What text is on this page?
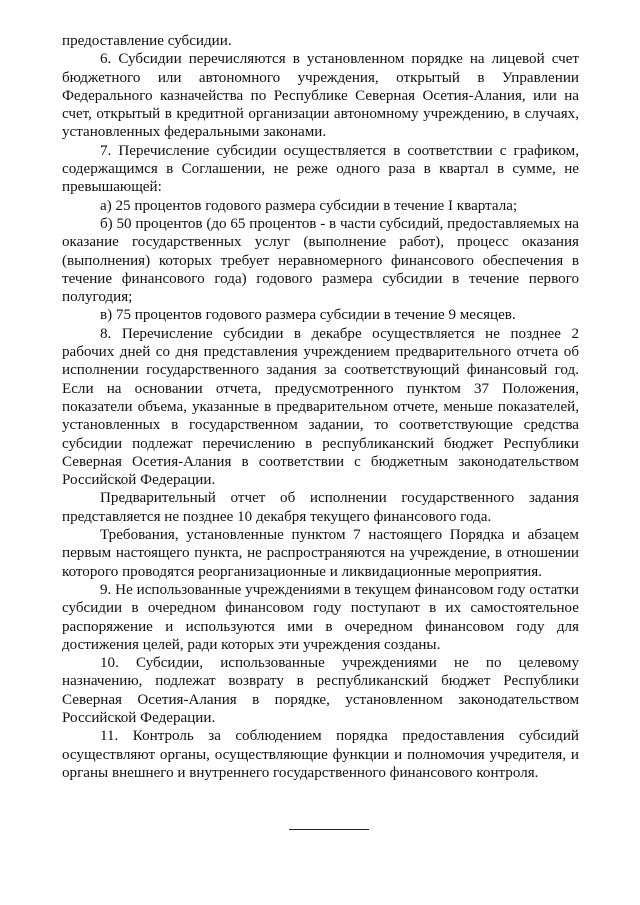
предоставление субсидии.

6. Субсидии перечисляются в установленном порядке на лицевой счет бюджетного или автономного учреждения, открытый в Управлении Федерального казначейства по Республике Северная Осетия-Алания, или на счет, открытый в кредитной организации автономному учреждению, в случаях, установленных федеральными законами.

7. Перечисление субсидии осуществляется в соответствии с графиком, содержащимся в Соглашении, не реже одного раза в квартал в сумме, не превышающей:

а) 25 процентов годового размера субсидии в течение I квартала;

б) 50 процентов (до 65 процентов - в части субсидий, предоставляемых на оказание государственных услуг (выполнение работ), процесс оказания (выполнения) которых требует неравномерного финансового обеспечения в течение финансового года) годового размера субсидии в течение первого полугодия;

в) 75 процентов годового размера субсидии в течение 9 месяцев.

8. Перечисление субсидии в декабре осуществляется не позднее 2 рабочих дней со дня представления учреждением предварительного отчета об исполнении государственного задания за соответствующий финансовый год. Если на основании отчета, предусмотренного пунктом 37 Положения, показатели объема, указанные в предварительном отчете, меньше показателей, установленных в государственном задании, то соответствующие средства субсидии подлежат перечислению в республиканский бюджет Республики Северная Осетия-Алания в соответствии с бюджетным законодательством Российской Федерации.

Предварительный отчет об исполнении государственного задания представляется не позднее 10 декабря текущего финансового года.

Требования, установленные пунктом 7 настоящего Порядка и абзацем первым настоящего пункта, не распространяются на учреждение, в отношении которого проводятся реорганизационные и ликвидационные мероприятия.

9. Не использованные учреждениями в текущем финансовом году остатки субсидии в очередном финансовом году поступают в их самостоятельное распоряжение и используются ими в очередном финансовом году для достижения целей, ради которых эти учреждения созданы.

10. Субсидии, использованные учреждениями не по целевому назначению, подлежат возврату в республиканский бюджет Республики Северная Осетия-Алания в порядке, установленном законодательством Российской Федерации.

11. Контроль за соблюдением порядка предоставления субсидий осуществляют органы, осуществляющие функции и полномочия учредителя, и органы внешнего и внутреннего государственного финансового контроля.
